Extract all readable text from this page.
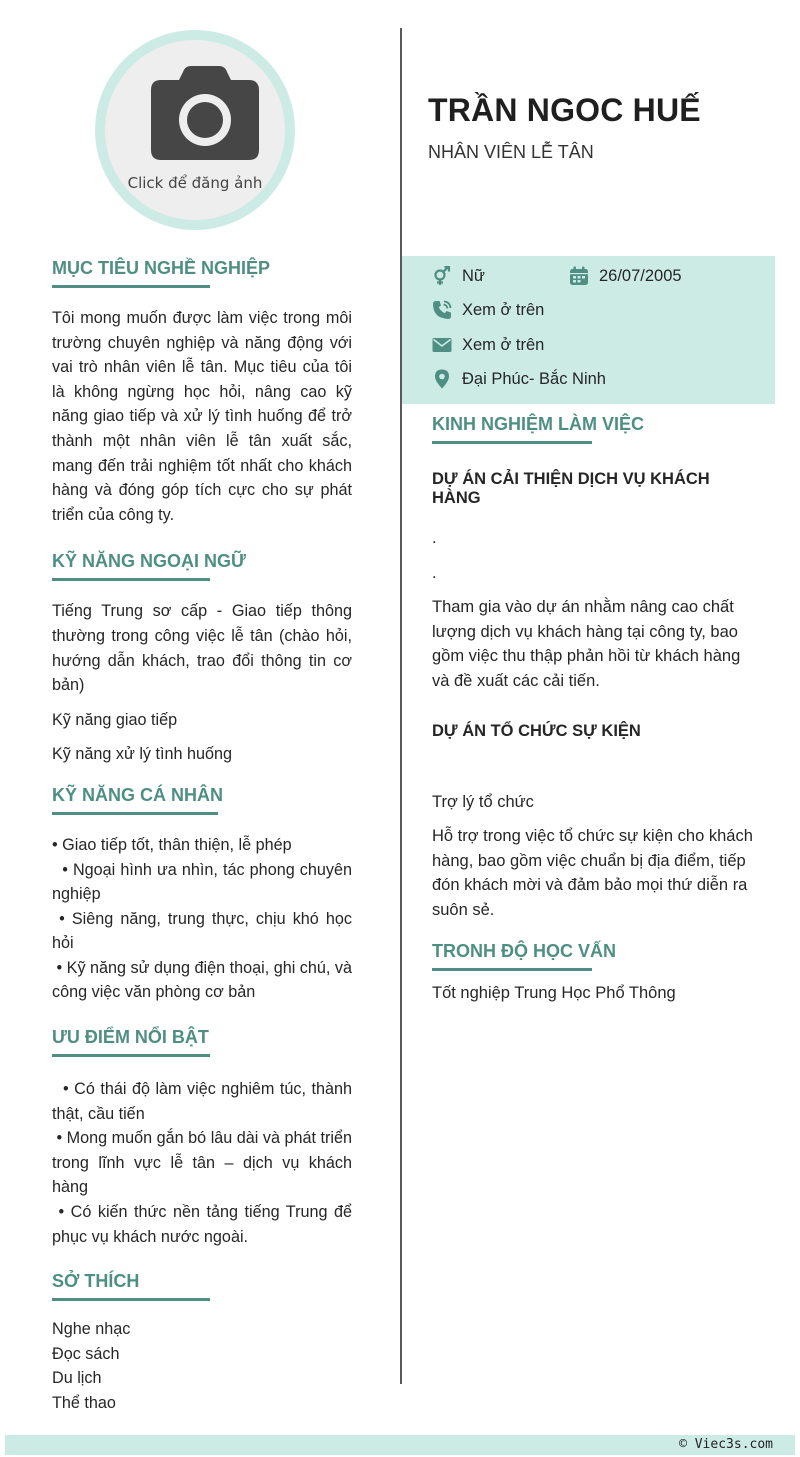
Click để đăng ảnh
MỤC TIÊU NGHỀ NGHIỆP
Tôi mong muốn được làm việc trong môi trường chuyên nghiệp và năng động với vai trò nhân viên lễ tân. Mục tiêu của tôi là không ngừng học hỏi, nâng cao kỹ năng giao tiếp và xử lý tình huống để trở thành một nhân viên lễ tân xuất sắc, mang đến trải nghiệm tốt nhất cho khách hàng và đóng góp tích cực cho sự phát triển của công ty.
KỸ NĂNG NGOẠI NGỮ
Tiếng Trung sơ cấp - Giao tiếp thông thường trong công việc lễ tân (chào hỏi, hướng dẫn khách, trao đổi thông tin cơ bản)
Kỹ năng giao tiếp
Kỹ năng xử lý tình huống
KỸ NĂNG CÁ NHÂN
• Giao tiếp tốt, thân thiện, lễ phép
• Ngoại hình ưa nhìn, tác phong chuyên nghiệp
• Siêng năng, trung thực, chịu khó học hỏi
• Kỹ năng sử dụng điện thoại, ghi chú, và công việc văn phòng cơ bản
ƯU ĐIỂM NỔI BẬT
• Có thái độ làm việc nghiêm túc, thành thật, cầu tiến
• Mong muốn gắn bó lâu dài và phát triển trong lĩnh vực lễ tân – dịch vụ khách hàng
• Có kiến thức nền tảng tiếng Trung để phục vụ khách nước ngoài.
SỞ THÍCH
Nghe nhạc
Đọc sách
Du lịch
Thể thao
TRẦN NGOC HUẾ
NHÂN VIÊN LỄ TÂN
Nữ	26/07/2005
Xem ở trên
Xem ở trên
Đại Phúc- Bắc Ninh
KINH NGHIỆM LÀM VIỆC
DỰ ÁN CẢI THIỆN DỊCH VỤ KHÁCH HÀNG
.
.
Tham gia vào dự án nhằm nâng cao chất lượng dịch vụ khách hàng tại công ty, bao gồm việc thu thập phản hồi từ khách hàng và đề xuất các cải tiến.
DỰ ÁN TỔ CHỨC SỰ KIỆN
Trợ lý tổ chức
Hỗ trợ trong việc tổ chức sự kiện cho khách hàng, bao gồm việc chuẩn bị địa điểm, tiếp đón khách mời và đảm bảo mọi thứ diễn ra suôn sẻ.
TRONH ĐỘ HỌC VẤN
Tốt nghiệp Trung Học Phổ Thông
© Viec3s.com
